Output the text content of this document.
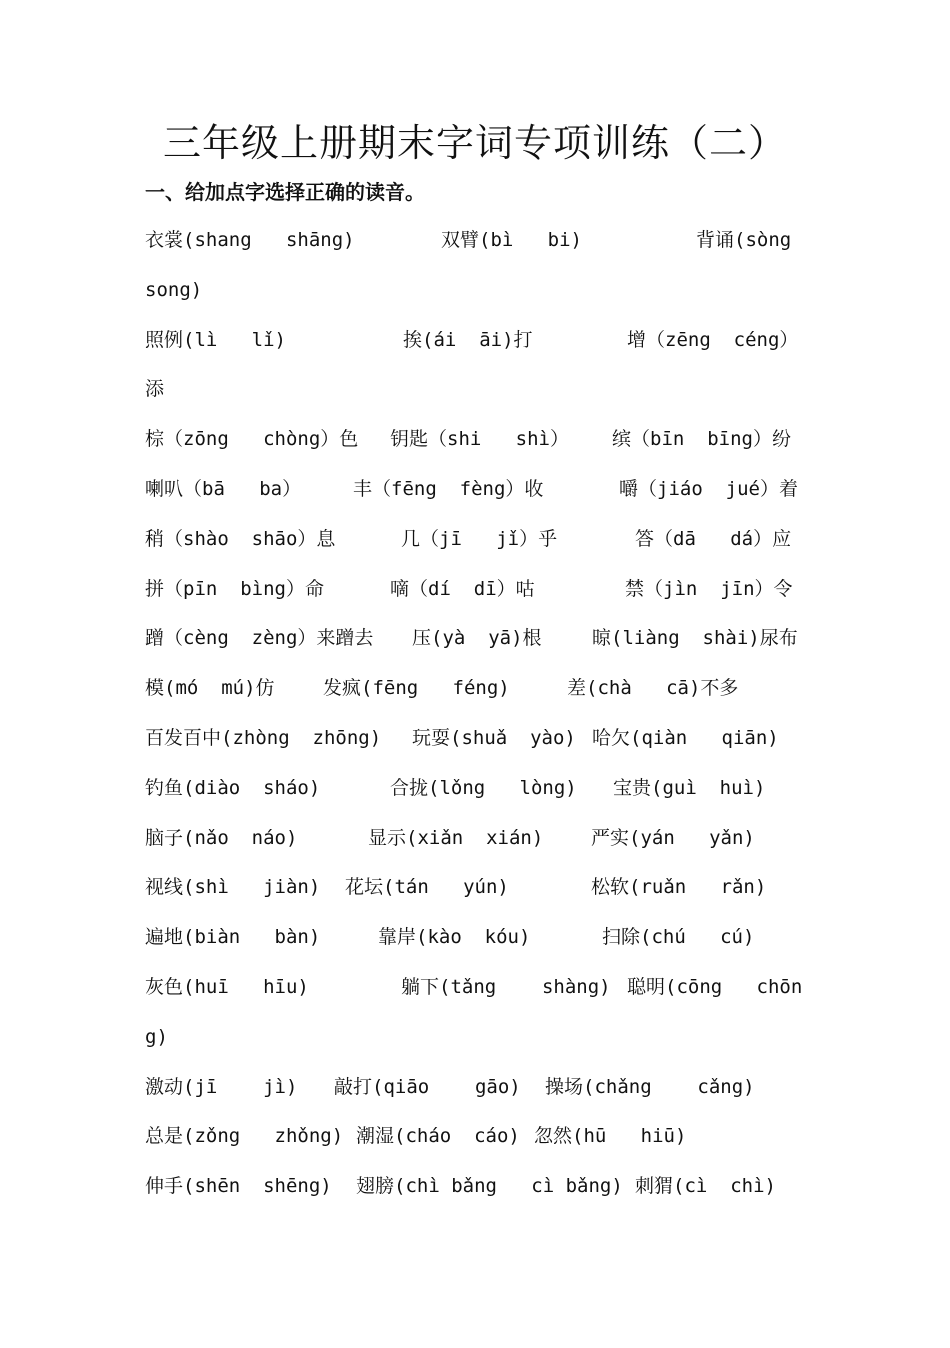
三年级上册期末字词专项训练（二）
一、给加点字选择正确的读音。

衣裳(shang   shāng)

	双臂(bì   bi)

	背诵(sòng

song)

照例(lì   lǐ)

	挨(ái  āi)打

	增（zēng  céng）

添

棕（zōng   chòng）色

钥匙（shi   shì）

缤（bīn  bīng）纷

喇叭（bā   ba）

	丰（fēng  fèng）收

	嚼（jiáo  jué）着

稍（shào  shāo）息

	几（jī   jǐ）乎

	答（dā   dá）应

拼（pīn  bìng）命

	嘀（dí  dī）咕

	禁（jìn  jīn）令

蹭（cèng  zèng）来蹭去

压(yà  yā)根

	晾(liàng  shài)尿布

模(mó  mú)仿

	发疯(fēng   féng)

	差(chà   cā)不多

百发百中(zhòng  zhōng)

玩耍(shuǎ  yào)

哈欠(qiàn   qiān)

钓鱼(diào  sháo)

	合拢(lǒng   lòng)

宝贵(guì  huì)

脑子(nǎo  náo)

	显示(xiǎn  xián)

	严实(yán   yǎn)

视线(shì   jiàn)

花坛(tán   yún)

	松软(ruǎn   rǎn)

遍地(biàn   bàn)

	靠岸(kào  kóu)

	扫除(chú   cú)

灰色(huī   hīu)

	躺下(tǎng    shàng)

聪明(cōng   chōn

g)

激动(jī    jì)

敲打(qiāo    gāo)

操场(chǎng    cǎng)

总是(zǒng   zhǒng)

潮湿(cháo  cáo)

忽然(hū   hiū)

伸手(shēn  shēng)

翅膀(chì bǎng   cì bǎng)

刺猬(cì  chì)
